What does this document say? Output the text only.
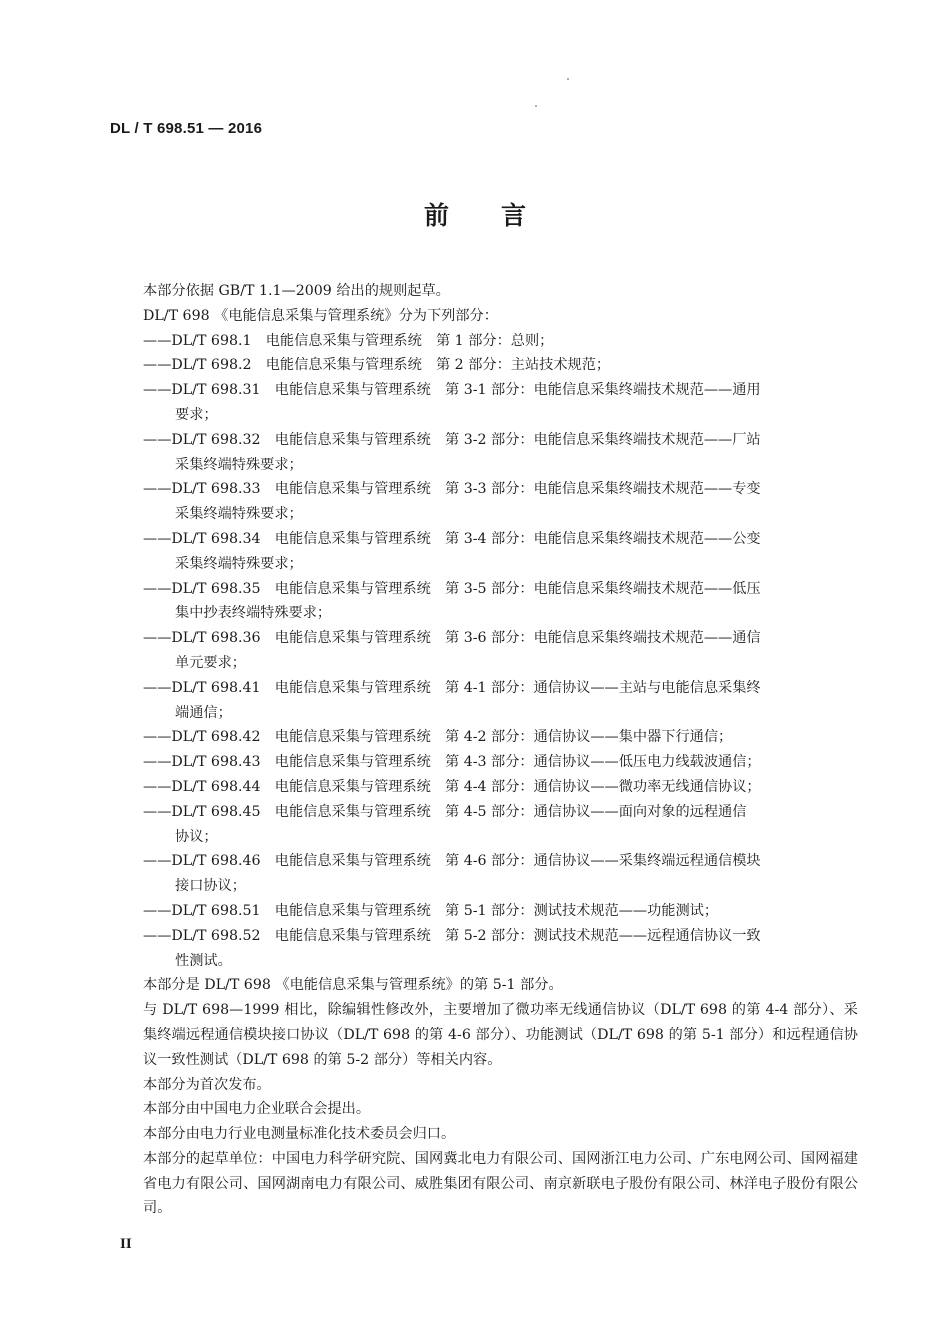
DL / T 698.51 — 2016
前言

本部分依据 GB/T 1.1—2009 给出的规则起草。

DL/T 698 《电能信息采集与管理系统》分为下列部分：

——DL/T 698.1　电能信息采集与管理系统　第 1 部分：总则；
——DL/T 698.2　电能信息采集与管理系统　第 2 部分：主站技术规范；
——DL/T 698.31　电能信息采集与管理系统　第 3-1 部分：电能信息采集终端技术规范——通用
要求；
——DL/T 698.32　电能信息采集与管理系统　第 3-2 部分：电能信息采集终端技术规范——厂站
采集终端特殊要求；
——DL/T 698.33　电能信息采集与管理系统　第 3-3 部分：电能信息采集终端技术规范——专变
采集终端特殊要求；
——DL/T 698.34　电能信息采集与管理系统　第 3-4 部分：电能信息采集终端技术规范——公变
采集终端特殊要求；
——DL/T 698.35　电能信息采集与管理系统　第 3-5 部分：电能信息采集终端技术规范——低压
集中抄表终端特殊要求；
——DL/T 698.36　电能信息采集与管理系统　第 3-6 部分：电能信息采集终端技术规范——通信
单元要求；
——DL/T 698.41　电能信息采集与管理系统　第 4-1 部分：通信协议——主站与电能信息采集终
端通信；
——DL/T 698.42　电能信息采集与管理系统　第 4-2 部分：通信协议——集中器下行通信；
——DL/T 698.43　电能信息采集与管理系统　第 4-3 部分：通信协议——低压电力线载波通信；
——DL/T 698.44　电能信息采集与管理系统　第 4-4 部分：通信协议——微功率无线通信协议；
——DL/T 698.45　电能信息采集与管理系统　第 4-5 部分：通信协议——面向对象的远程通信
协议；
——DL/T 698.46　电能信息采集与管理系统　第 4-6 部分：通信协议——采集终端远程通信模块
接口协议；
——DL/T 698.51　电能信息采集与管理系统　第 5-1 部分：测试技术规范——功能测试；
——DL/T 698.52　电能信息采集与管理系统　第 5-2 部分：测试技术规范——远程通信协议一致
性测试。

本部分是 DL/T 698 《电能信息采集与管理系统》的第 5-1 部分。

与 DL/T 698—1999 相比，除编辑性修改外，主要增加了微功率无线通信协议（DL/T 698 的第 4-4 部分）、采集终端远程通信模块接口协议（DL/T 698 的第 4-6 部分）、功能测试（DL/T 698 的第 5-1 部分）和远程通信协议一致性测试（DL/T 698 的第 5-2 部分）等相关内容。

本部分为首次发布。

本部分由中国电力企业联合会提出。

本部分由电力行业电测量标准化技术委员会归口。

本部分的起草单位：中国电力科学研究院、国网冀北电力有限公司、国网浙江电力公司、广东电网公司、国网福建省电力有限公司、国网湖南电力有限公司、威胜集团有限公司、南京新联电子股份有限公司、林洋电子股份有限公司。

II
